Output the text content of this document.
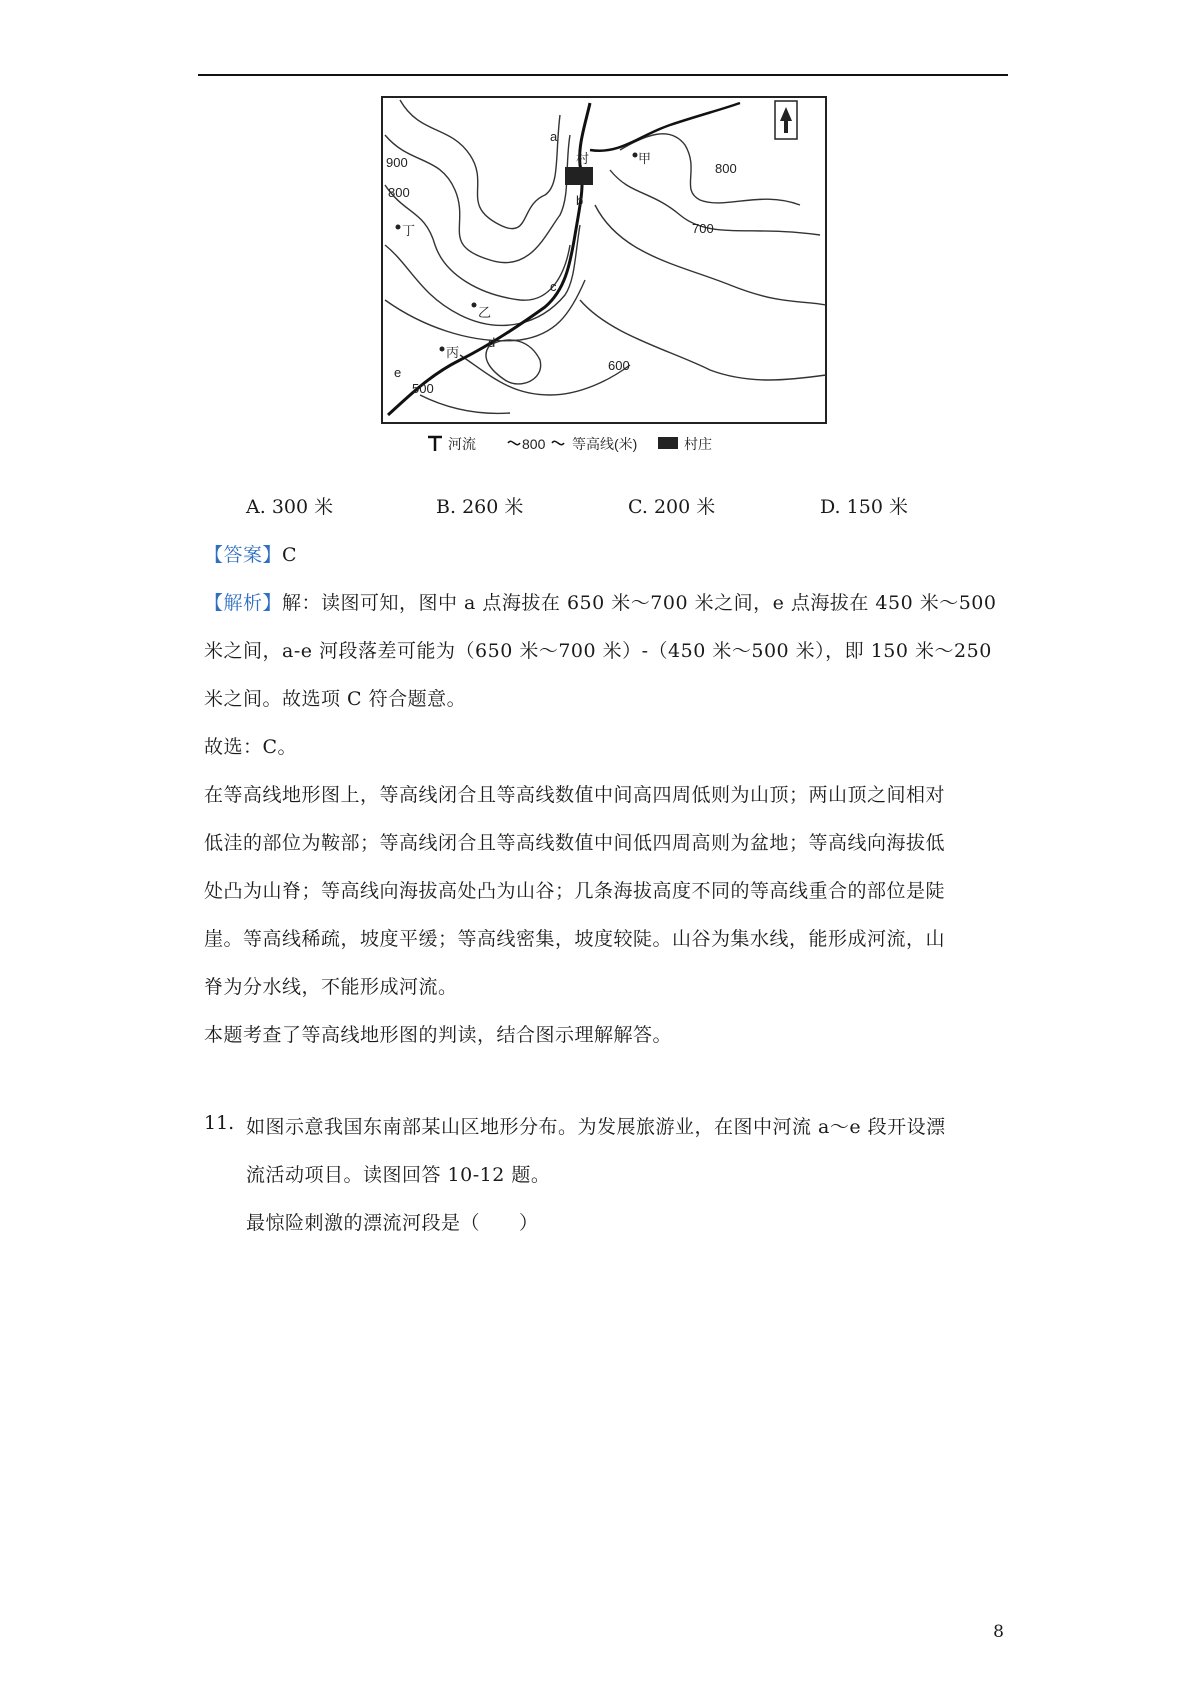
900
800
800
700
600
500
a
b
c
d
e
丁
乙
丙
甲
村
河流	800 等高线(米)	村庄
A. 300 米	B. 260 米	C. 200 米	D. 150 米
【答案】C
【解析】解：读图可知，图中 a 点海拔在 650 米～700 米之间，e 点海拔在 450 米～500
米之间，a-e 河段落差可能为（650 米～700 米）-（450 米～500 米），即 150 米～250
米之间。故选项 C 符合题意。
故选：C。
在等高线地形图上，等高线闭合且等高线数值中间高四周低则为山顶；两山顶之间相对
低洼的部位为鞍部；等高线闭合且等高线数值中间低四周高则为盆地；等高线向海拔低
处凸为山脊；等高线向海拔高处凸为山谷；几条海拔高度不同的等高线重合的部位是陡
崖。等高线稀疏，坡度平缓；等高线密集，坡度较陡。山谷为集水线，能形成河流，山
脊为分水线，不能形成河流。
本题考查了等高线地形图的判读，结合图示理解解答。
11. 如图示意我国东南部某山区地形分布。为发展旅游业，在图中河流 a～e 段开设漂
流活动项目。读图回答 10-12 题。
最惊险刺激的漂流河段是（　　）
8
